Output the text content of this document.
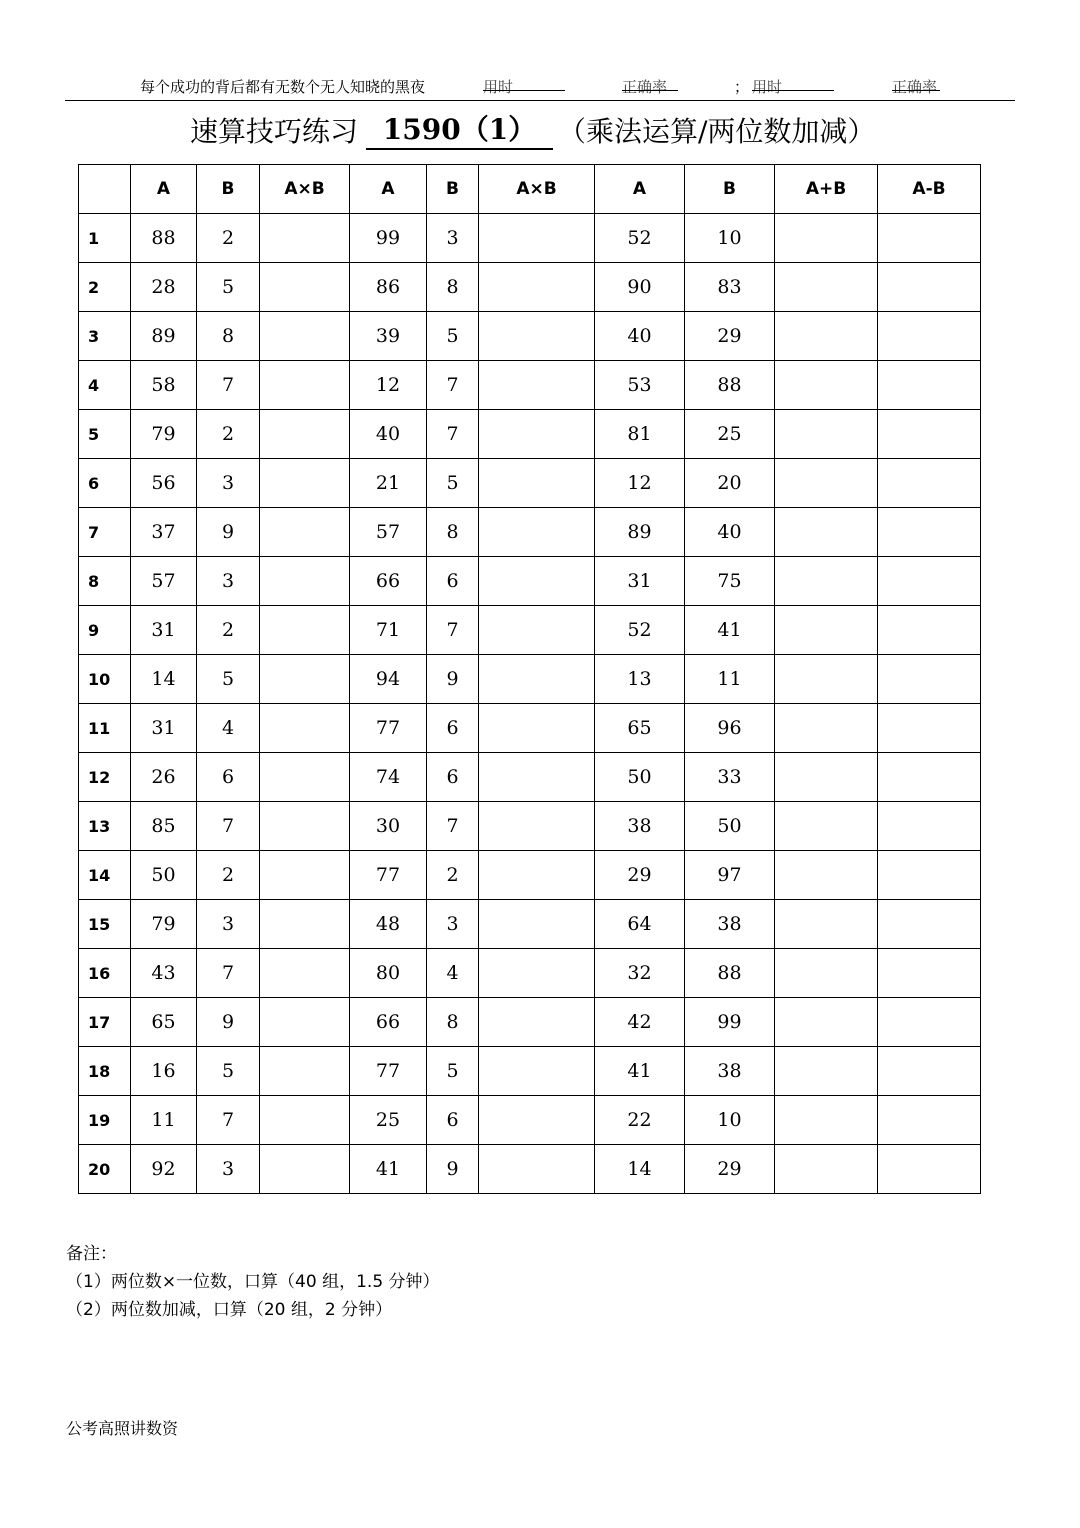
每个成功的背后都有无数个无人知晓的黑夜	用时	正确率	； 用时	正确率
速算技巧练习 1590（1） （乘法运算/两位数加减）
	A	B	A×B	A	B	A×B	A	B	A+B	A-B
1	88	2		99	3		52	10		
2	28	5		86	8		90	83		
3	89	8		39	5		40	29		
4	58	7		12	7		53	88		
5	79	2		40	7		81	25		
6	56	3		21	5		12	20		
7	37	9		57	8		89	40		
8	57	3		66	6		31	75		
9	31	2		71	7		52	41		
10	14	5		94	9		13	11		
11	31	4		77	6		65	96		
12	26	6		74	6		50	33		
13	85	7		30	7		38	50		
14	50	2		77	2		29	97		
15	79	3		48	3		64	38		
16	43	7		80	4		32	88		
17	65	9		66	8		42	99		
18	16	5		77	5		41	38		
19	11	7		25	6		22	10		
20	92	3		41	9		14	29		
备注：
（1）两位数×一位数，口算（40 组，1.5 分钟）
（2）两位数加减，口算（20 组，2 分钟）
公考高照讲数资
